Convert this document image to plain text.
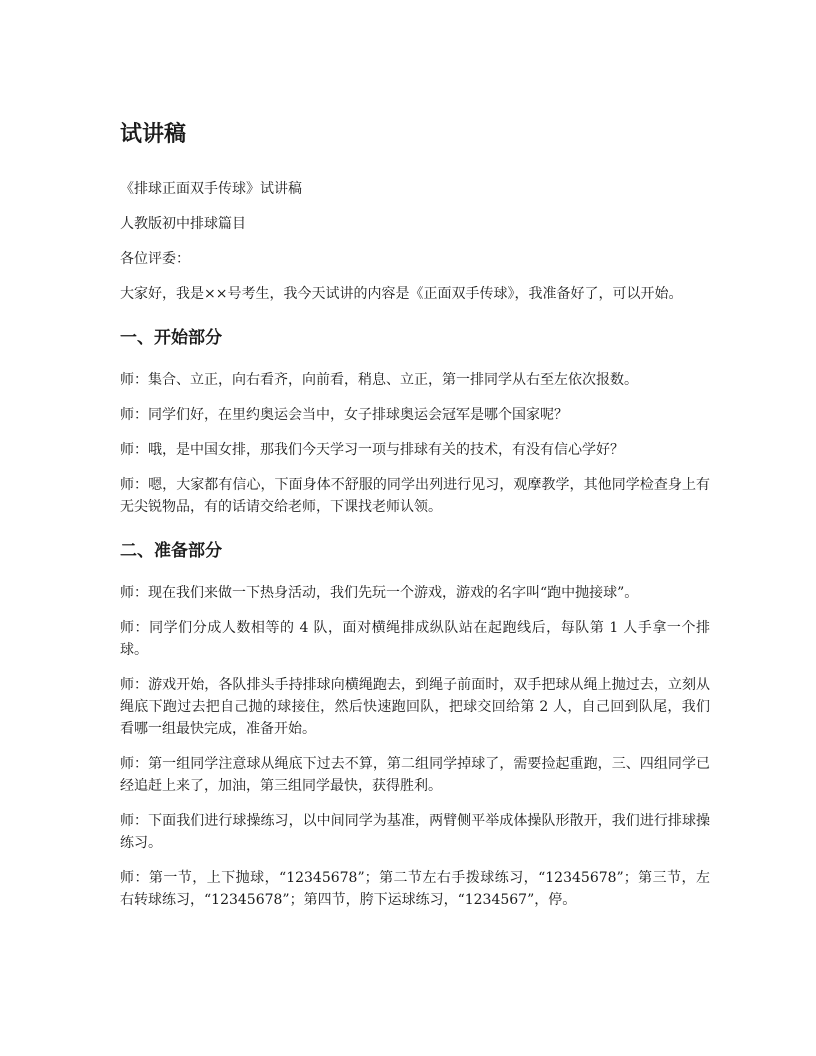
试讲稿

《排球正面双手传球》试讲稿

人教版初中排球篇目

各位评委：

大家好，我是××号考生，我今天试讲的内容是《正面双手传球》，我准备好了，可以开始。

一、开始部分

师：集合、立正，向右看齐，向前看，稍息、立正，第一排同学从右至左依次报数。

师：同学们好，在里约奥运会当中，女子排球奥运会冠军是哪个国家呢？

师：哦，是中国女排，那我们今天学习一项与排球有关的技术，有没有信心学好？

师：嗯，大家都有信心，下面身体不舒服的同学出列进行见习，观摩教学，其他同学检查身上有无尖锐物品，有的话请交给老师，下课找老师认领。

二、准备部分

师：现在我们来做一下热身活动，我们先玩一个游戏，游戏的名字叫“跑中抛接球”。

师：同学们分成人数相等的 4 队，面对横绳排成纵队站在起跑线后，每队第 1 人手拿一个排球。

师：游戏开始，各队排头手持排球向横绳跑去，到绳子前面时，双手把球从绳上抛过去，立刻从绳底下跑过去把自己抛的球接住，然后快速跑回队，把球交回给第 2 人，自己回到队尾，我们看哪一组最快完成，准备开始。

师：第一组同学注意球从绳底下过去不算，第二组同学掉球了，需要捡起重跑，三、四组同学已经追赶上来了，加油，第三组同学最快，获得胜利。

师：下面我们进行球操练习，以中间同学为基准，两臂侧平举成体操队形散开，我们进行排球操练习。

师：第一节，上下抛球，“12345678”；第二节左右手拨球练习，“12345678”；第三节，左右转球练习，“12345678”；第四节，胯下运球练习，“1234567”，停。
